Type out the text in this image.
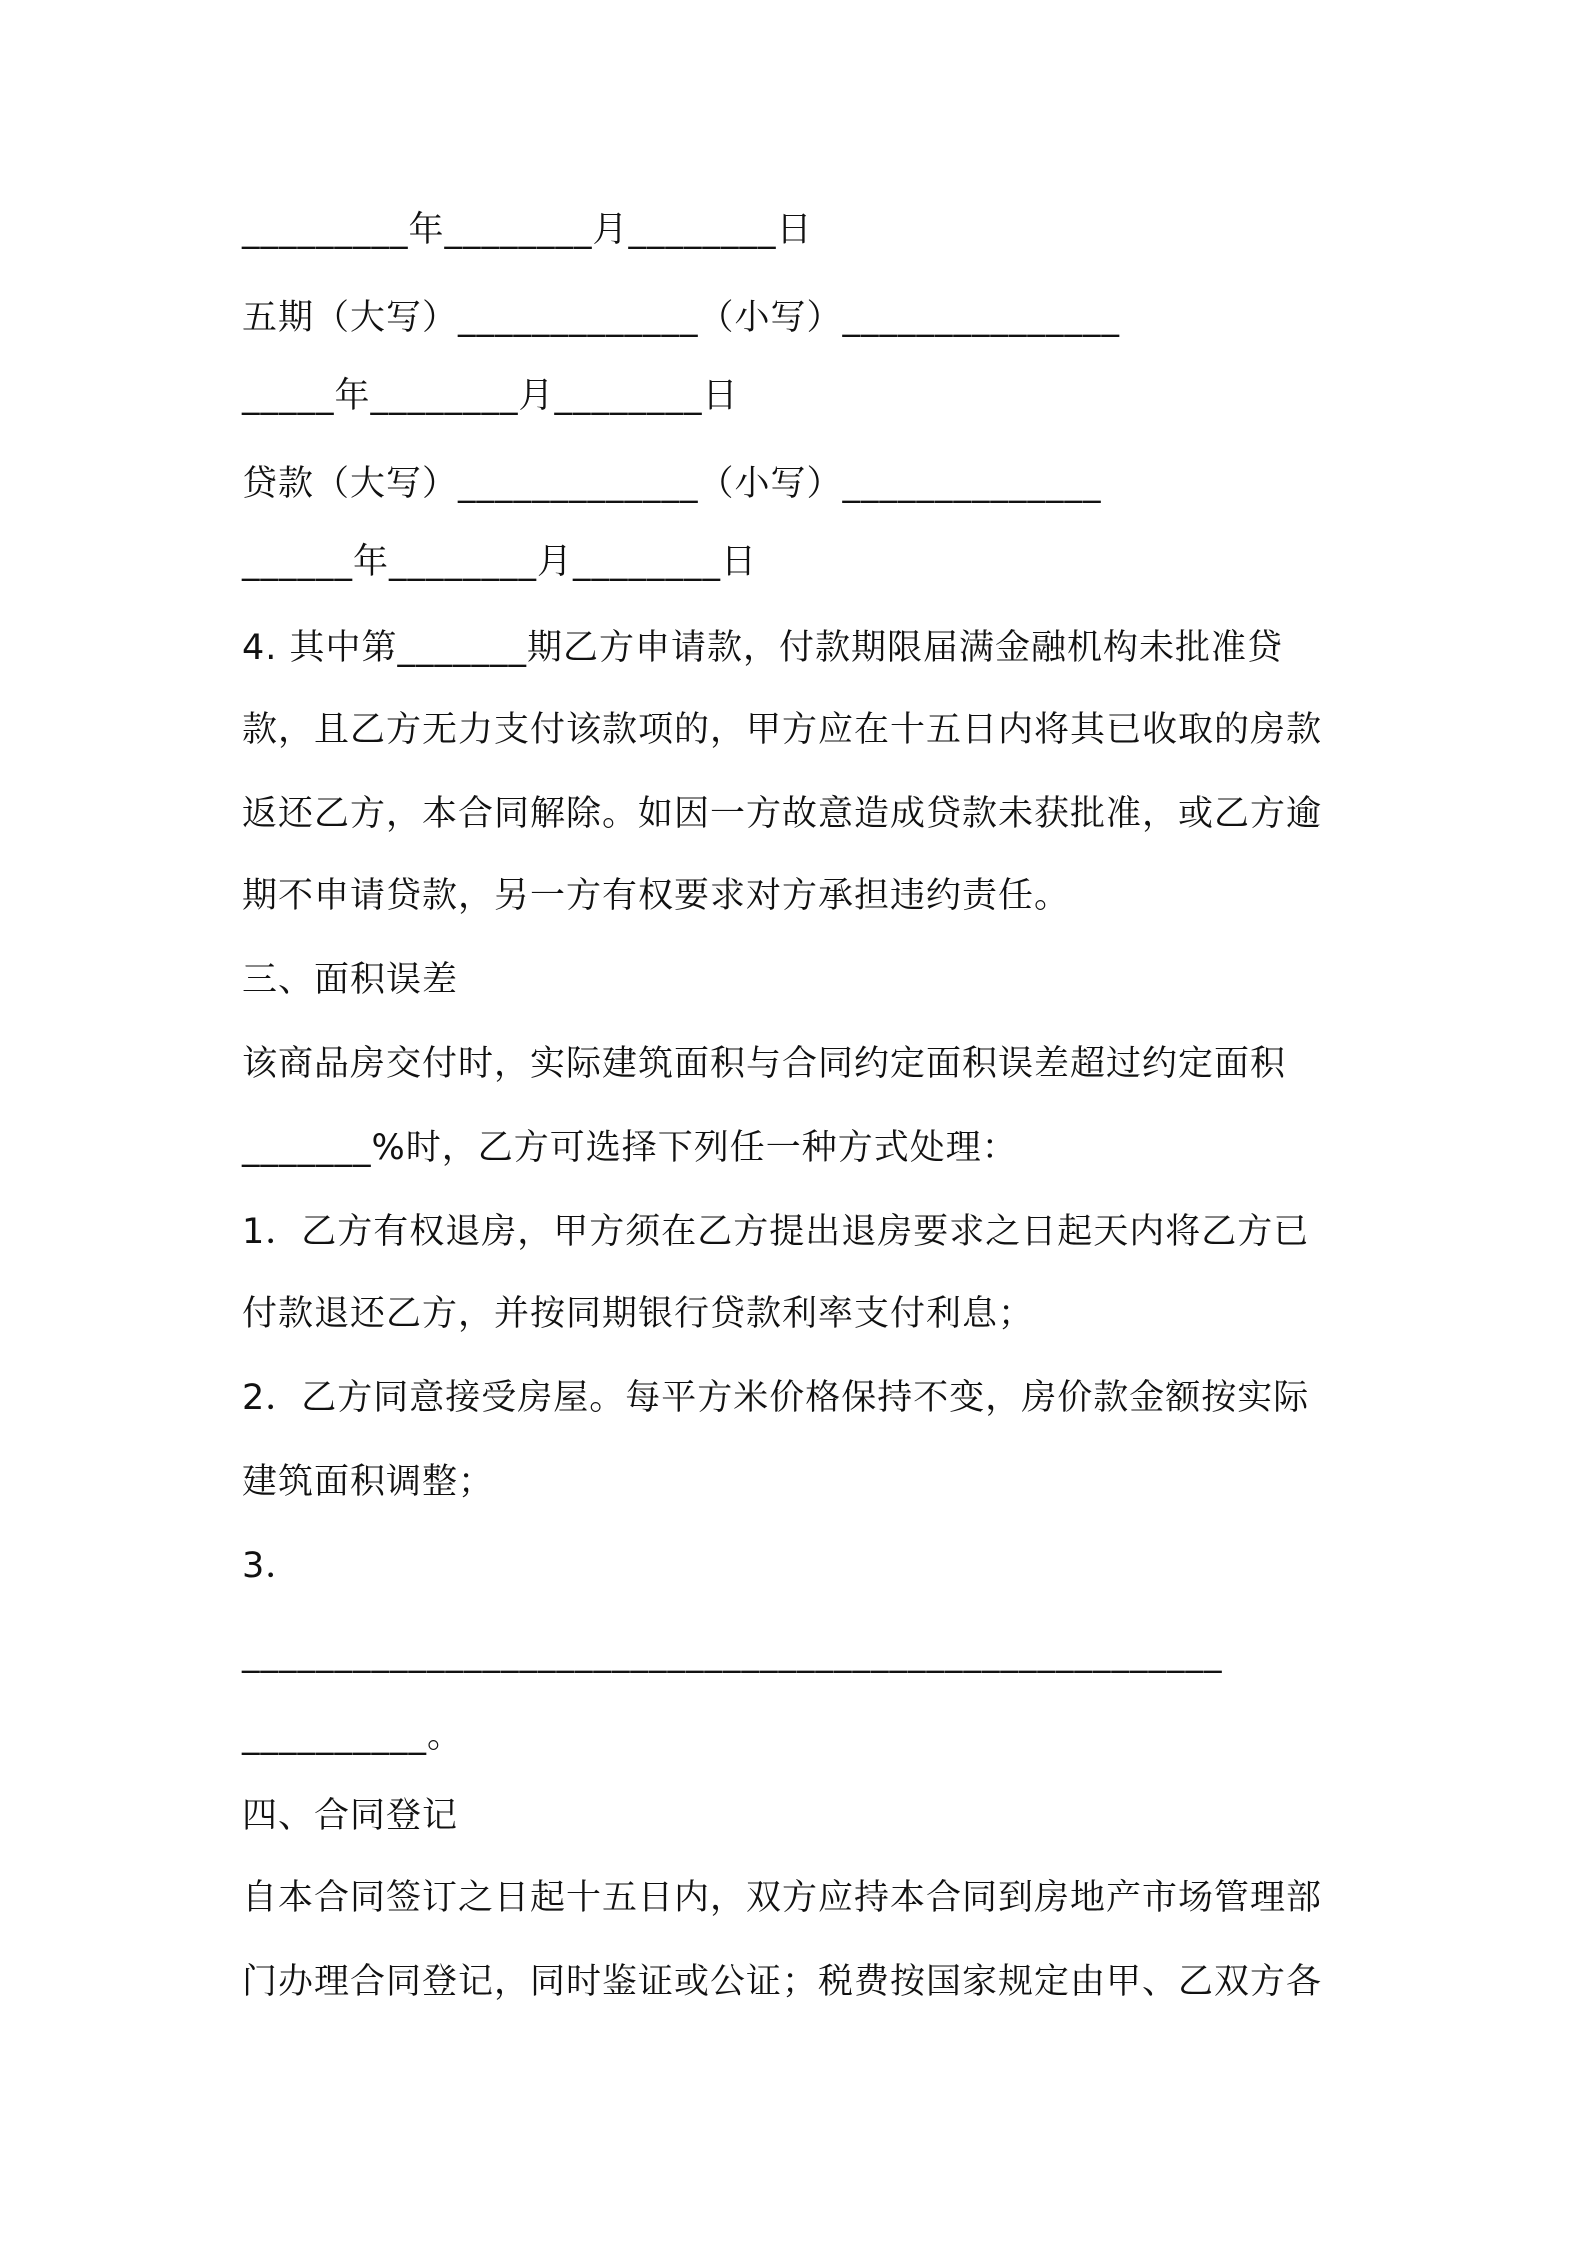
_________年________月________日
五期（大写）_____________（小写）_______________
_____年________月________日
贷款（大写）_____________（小写）______________
______年________月________日
4. 其中第_______期乙方申请款，付款期限届满金融机构未批准贷
款，且乙方无力支付该款项的，甲方应在十五日内将其已收取的房款
返还乙方，本合同解除。如因一方故意造成贷款未获批准，或乙方逾
期不申请贷款，另一方有权要求对方承担违约责任。
三、面积误差
该商品房交付时，实际建筑面积与合同约定面积误差超过约定面积
_______%时，乙方可选择下列任一种方式处理：
1．乙方有权退房，甲方须在乙方提出退房要求之日起天内将乙方已
付款退还乙方，并按同期银行贷款利率支付利息；
2．乙方同意接受房屋。每平方米价格保持不变，房价款金额按实际
建筑面积调整；
3．
_____________________________________________________
__________。
四、合同登记
自本合同签订之日起十五日内，双方应持本合同到房地产市场管理部
门办理合同登记，同时鉴证或公证；税费按国家规定由甲、乙双方各
